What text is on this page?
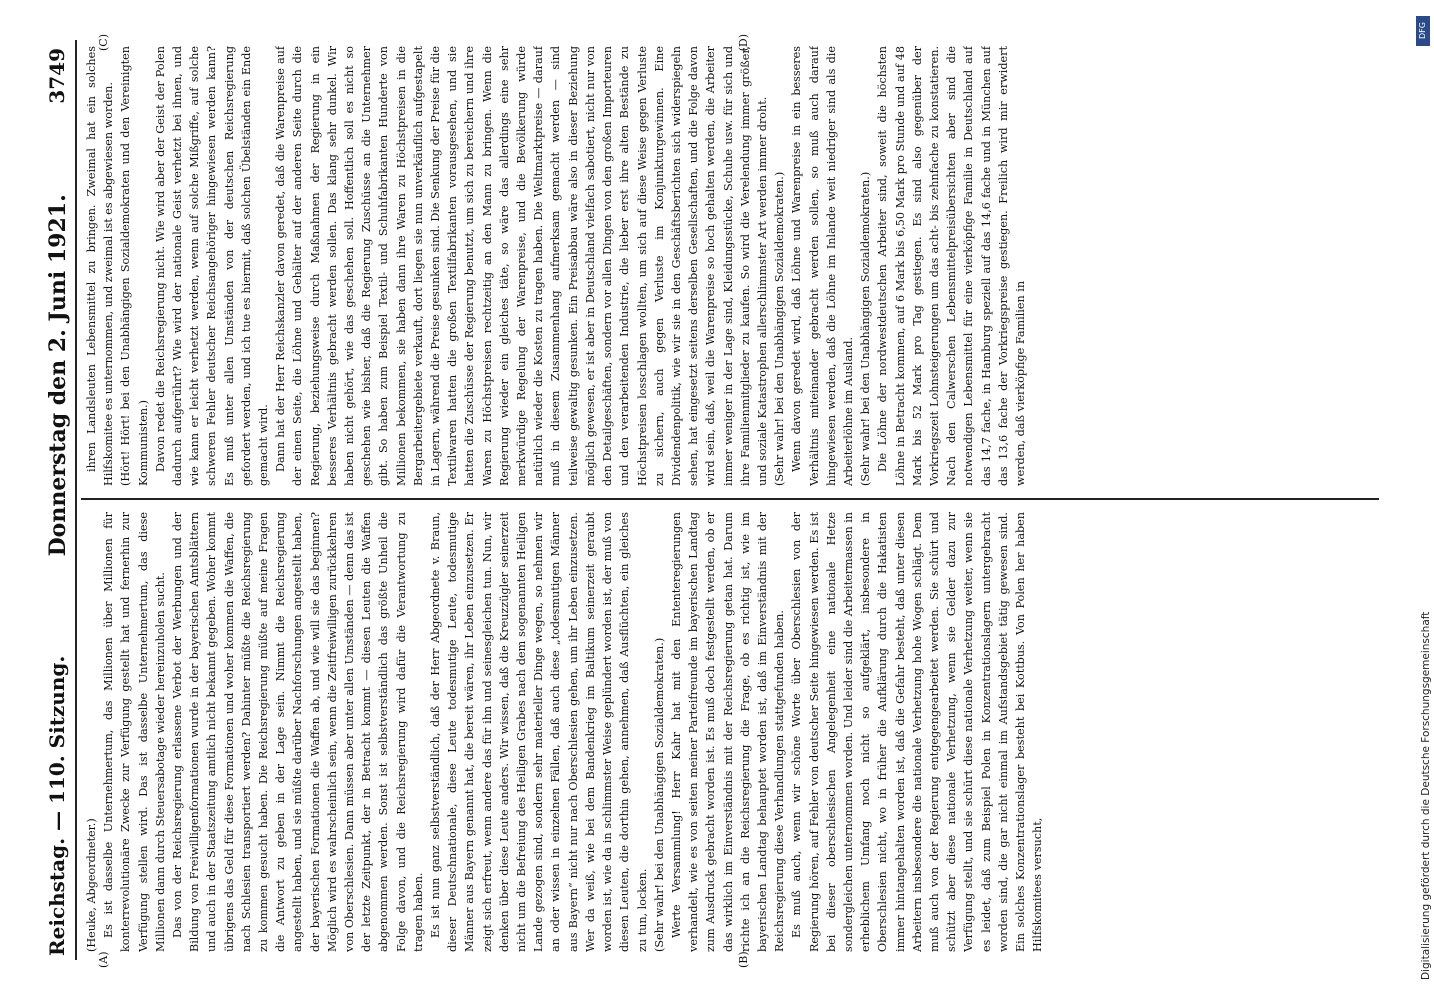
Reichstag. — 110. Sitzung.
Donnerstag den 2. Juni 1921.
3749
(A)	(B)
(C)	(D)

(Heuke, Abgeordneter.) Es ist dasselbe Unternehmertum, das Millionen über Millionen für konterrevolutionäre Zwecke zur Verfügung gestellt hat und fernerhin zur Verfügung stellen wird. Das ist dasselbe Unternehmertum, das diese Millionen dann durch Steuersabotage wieder hereinzuholen sucht. Das von der Reichsregierung erlassene Verbot der Werbungen und der Bildung von Freiwilligenformationen wurde in der bayerischen Amtsblättern und auch in der Staatszeitung amtlich nicht bekannt gegeben. Woher kommt übrigens das Geld für diese Formationen und woher kommen die Waffen, die nach Schlesien transportiert werden? Dahinter müßte die Reichsregierung zu kommen gesucht haben. Die Reichsregierung müßte auf meine Fragen die Antwort zu geben in der Lage sein. Nimmt die Reichsregierung angestellt haben, und sie müßte darüber Nachforschungen angestellt haben, der bayerischen Formationen die Waffen ab, und wie will sie das beginnen? Möglich wird es wahrscheinlich sein, wenn die Zeitfreiwilligen zurückkehren von Oberschlesien. Dann müssen aber unter allen Umständen — denn das ist der letzte Zeitpunkt, der in Betracht kommt — diesen Leuten die Waffen abgenommen werden. Sonst ist selbstverständlich das größte Unheil die Folge davon, und die Reichsregierung wird dafür die Verantwortung zu tragen haben. Es ist nun ganz selbstverständlich, daß der Herr Abgeordnete v. Braun, dieser Deutschnationale, diese Leute todesmutige Leute, todesmutige Männer aus Bayern genannt hat, die bereit wären, ihr Leben einzusetzen. Er zeigt sich erfreut, wenn andere das für ihn und seinesgleichen tun. Nun, wir denken über diese Leute anders. Wir wissen, daß die Kreuzzügler seinerzeit nicht um die Befreiung des Heiligen Grabes nach dem sogenannten Heiligen Lande gezogen sind, sondern sehr materieller Dinge wegen, so nehmen wir an oder wissen in einzelnen Fällen, daß auch diese „todesmutigen Männer aus Bayern“ nicht nur nach Oberschlesien gehen, um ihr Leben einzusetzen. Wer da weiß, wie bei dem Bandenkrieg im Baltikum seinerzeit geraubt worden ist, wie da in schlimmster Weise geplündert worden ist, der muß von diesen Leuten, die dorthin gehen, annehmen, daß Ausflüchten, ein gleiches zu tun, locken. (Sehr wahr! bei den Unabhängigen Sozialdemokraten.) Werte Versammlung! Herr Kahr hat mit den Ententeregierungen verhandelt, wie es von seiten meiner Parteifreunde im bayerischen Landtag zum Ausdruck gebracht worden ist. Es muß doch festgestellt werden, ob er das wirklich im Einverständnis mit der Reichsregierung getan hat. Darum richte ich an die Reichsregierung die Frage, ob es richtig ist, wie im bayerischen Landtag behauptet worden ist, daß im Einverständnis mit der Reichsregierung diese Verhandlungen stattgefunden haben. Es muß auch, wenn wir schöne Worte über Oberschlesien von der Regierung hören, auf Fehler von deutscher Seite hingewiesen werden. Es ist bei dieser oberschlesischen Angelegenheit eine nationale Hetze sondergleichen unternommen worden. Und leider sind die Arbeitermassen in erheblichem Umfang noch nicht so aufgeklärt, insbesondere in Oberschlesien nicht, wo in früher die Aufklärung durch die Hakatisten immer hintangehalten worden ist, daß die Gefahr besteht, daß unter diesen Arbeitern insbesondere die nationale Verhetzung hohe Wogen schlägt. Dem muß auch von der Regierung entgegengearbeitet werden. Sie schürt und schützt aber diese nationale Verhetzung, wenn sie Gelder dazu zur Verfügung stellt, und sie schürt diese nationale Verhetzung weiter, wenn sie es leidet, daß zum Beispiel Polen in Konzentrationslagern untergebracht worden sind, die gar nicht einmal im Aufstandsgebiet tätig gewesen sind. Ein solches Konzentrationslager besteht bei Kottbus. Von Polen her haben Hilfskomitees versucht,

ihren Landsleuten Lebensmittel zu bringen. Zweimal hat ein solches Hilfskomitee es unternommen, und zweimal ist es abgewiesen worden. (Hört! Hört! bei den Unabhängigen Sozialdemokraten und den Vereinigten Kommunisten.) Davon redet die Reichsregierung nicht. Wie wird aber der Geist der Polen dadurch aufgerührt? Wie wird der nationale Geist verhetzt bei ihnen, und wie kann er leicht verhetzt werden, wenn auf solche Mißgriffe, auf solche schweren Fehler deutscher Reichsangehöriger hingewiesen werden kann? Es muß unter allen Umständen von der deutschen Reichsregierung gefordert werden, und ich tue es hiermit, daß solchen Übelständen ein Ende gemacht wird. Dann hat der Herr Reichskanzler davon geredet, daß die Warenpreise auf der einen Seite, die Löhne und Gehälter auf der anderen Seite durch die Regierung, beziehungsweise durch Maßnahmen der Regierung in ein besseres Verhältnis gebracht werden sollen. Das klang sehr dunkel. Wir haben nicht gehört, wie das geschehen soll. Hoffentlich soll es nicht so geschehen wie bisher, daß die Regierung Zuschüsse an die Unternehmer gibt. So haben zum Beispiel Textil- und Schuhfabrikanten Hunderte von Millionen bekommen, sie haben dann ihre Waren zu Höchstpreisen in die Bergarbeitergebiete verkauft, dort liegen sie nun unverkäuflich aufgestapelt in Lagern, während die Preise gesunken sind. Die Senkung der Preise für die Textilwaren hatten die großen Textilfabrikanten vorausgesehen, und sie hatten die Zuschüsse der Regierung benutzt, um sich zu bereichern und ihre Waren zu Höchstpreisen rechtzeitig an den Mann zu bringen. Wenn die Regierung wieder ein gleiches täte, so wäre das allerdings eine sehr merkwürdige Regelung der Warenpreise, und die Bevölkerung würde natürlich wieder die Kosten zu tragen haben. Die Weltmarktpreise — darauf muß in diesem Zusammenhang aufmerksam gemacht werden — sind teilweise gewaltig gesunken. Ein Preisabbau wäre also in dieser Beziehung möglich gewesen, er ist aber in Deutschland vielfach sabotiert, nicht nur von den Detailgeschäften, sondern vor allen Dingen von den großen Importeuren und den verarbeitenden Industrie, die lieber erst ihre alten Bestände zu Höchstpreisen losschlagen wollten, um sich auf diese Weise gegen Verluste zu sichern, auch gegen Verluste im Konjunkturgewinnen. Eine Dividendenpolitik, wie wir sie in den Geschäftsberichten sich widerspiegeln sehen, hat eingesetzt seitens derselben Gesellschaften, und die Folge davon wird sein, daß, weil die Warenpreise so hoch gehalten werden, die Arbeiter immer weniger in der Lage sind, Kleidungsstücke, Schuhe usw. für sich und ihre Familienmitglieder zu kaufen. So wird die Verelendung immer größer, und soziale Katastrophen allerschlimmster Art werden immer droht. (Sehr wahr! bei den Unabhängigen Sozialdemokraten.) Wenn davon geredet wird, daß Löhne und Warenpreise in ein besseres Verhältnis miteinander gebracht werden sollen, so muß auch darauf hingewiesen werden, daß die Löhne im Inlande weit niedriger sind als die Arbeiterlöhne im Ausland. (Sehr wahr! bei den Unabhängigen Sozialdemokraten.) Die Löhne der nordwestdeutschen Arbeiter sind, soweit die höchsten Löhne in Betracht kommen, auf 6 Mark bis 6,50 Mark pro Stunde und auf 48 Mark bis 52 Mark pro Tag gestiegen. Es sind also gegenüber der Vorkriegszeit Lohnsteigerungen um das acht- bis zehnfache zu konstatieren. Nach den Calwerschen Lebensmittelpreisübersichten aber sind die notwendigen Lebensmittel für eine vierköpfige Familie in Deutschland auf das 14,7 fache, in Hamburg speziell auf das 14,6 fache und in München auf das 13,6 fache der Vorkriegspreise gestiegen. Freilich wird mir erwidert werden, daß vierköpfige Familien in

DFG
Digitalisierung gefördert durch die Deutsche Forschungsgemeinschaft
